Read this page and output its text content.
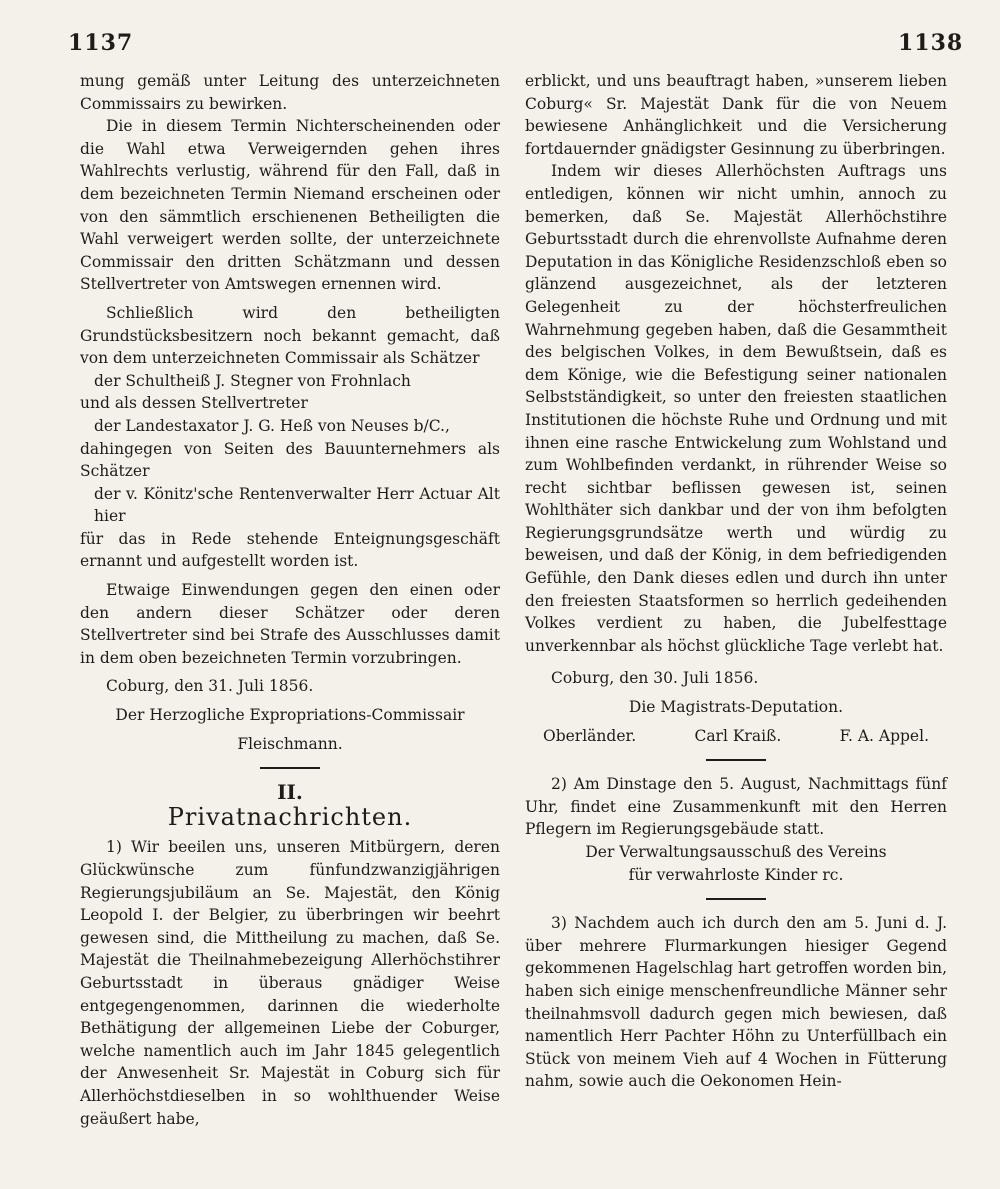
1137	1138

mung gemäß unter Leitung des unterzeichneten Commissairs zu bewirken.

Die in diesem Termin Nichterscheinenden oder die Wahl etwa Verweigernden gehen ihres Wahlrechts verlustig, während für den Fall, daß in dem bezeichneten Termin Niemand erscheinen oder von den sämmtlich erschienenen Betheiligten die Wahl verweigert werden sollte, der unterzeichnete Commissair den dritten Schätzmann und dessen Stellvertreter von Amtswegen ernennen wird.

Schließlich wird den betheiligten Grundstücksbesitzern noch bekannt gemacht, daß von dem unterzeichneten Commissair als Schätzer

der Schultheiß J. Stegner von Frohnlach

und als dessen Stellvertreter

der Landestaxator J. G. Heß von Neuses b/C.,

dahingegen von Seiten des Bauunternehmers als Schätzer

der v. Könitz'sche Rentenverwalter Herr Actuar Alt hier

für das in Rede stehende Enteignungsgeschäft ernannt und aufgestellt worden ist.

Etwaige Einwendungen gegen den einen oder den andern dieser Schätzer oder deren Stellvertreter sind bei Strafe des Ausschlusses damit in dem oben bezeichneten Termin vorzubringen.

Coburg, den 31. Juli 1856.

Der Herzogliche Expropriations-Commissair

Fleischmann.

II.
Privatnachrichten.

1) Wir beeilen uns, unseren Mitbürgern, deren Glückwünsche zum fünfundzwanzigjährigen Regierungsjubiläum an Se. Majestät, den König Leopold I. der Belgier, zu überbringen wir beehrt gewesen sind, die Mittheilung zu machen, daß Se. Majestät die Theilnahmebezeigung Allerhöchstihrer Geburtsstadt in überaus gnädiger Weise entgegengenommen, darinnen die wiederholte Bethätigung der allgemeinen Liebe der Coburger, welche namentlich auch im Jahr 1845 gelegentlich der Anwesenheit Sr. Majestät in Coburg sich für Allerhöchstdieselben in so wohlthuender Weise geäußert habe,

erblickt, und uns beauftragt haben, »unserem lieben Coburg« Sr. Majestät Dank für die von Neuem bewiesene Anhänglichkeit und die Versicherung fortdauernder gnädigster Gesinnung zu überbringen.

Indem wir dieses Allerhöchsten Auftrags uns entledigen, können wir nicht umhin, annoch zu bemerken, daß Se. Majestät Allerhöchstihre Geburtsstadt durch die ehrenvollste Aufnahme deren Deputation in das Königliche Residenzschloß eben so glänzend ausgezeichnet, als der letzteren Gelegenheit zu der höchsterfreulichen Wahrnehmung gegeben haben, daß die Gesammtheit des belgischen Volkes, in dem Bewußtsein, daß es dem Könige, wie die Befestigung seiner nationalen Selbstständigkeit, so unter den freiesten staatlichen Institutionen die höchste Ruhe und Ordnung und mit ihnen eine rasche Entwickelung zum Wohlstand und zum Wohlbefinden verdankt, in rührender Weise so recht sichtbar beflissen gewesen ist, seinen Wohlthäter sich dankbar und der von ihm befolgten Regierungsgrundsätze werth und würdig zu beweisen, und daß der König, in dem befriedigenden Gefühle, den Dank dieses edlen und durch ihn unter den freiesten Staatsformen so herrlich gedeihenden Volkes verdient zu haben, die Jubelfesttage unverkennbar als höchst glückliche Tage verlebt hat.

Coburg, den 30. Juli 1856.

Die Magistrats-Deputation.

Oberländer.	Carl Kraiß.	F. A. Appel.

2) Am Dinstage den 5. August, Nachmittags fünf Uhr, findet eine Zusammenkunft mit den Herren Pflegern im Regierungsgebäude statt.

Der Verwaltungsausschuß des Vereins

für verwahrloste Kinder rc.

3) Nachdem auch ich durch den am 5. Juni d. J. über mehrere Flurmarkungen hiesiger Gegend gekommenen Hagelschlag hart getroffen worden bin, haben sich einige menschenfreundliche Männer sehr theilnahmsvoll dadurch gegen mich bewiesen, daß namentlich Herr Pachter Höhn zu Unterfüllbach ein Stück von meinem Vieh auf 4 Wochen in Fütterung nahm, sowie auch die Oekonomen Hein-
